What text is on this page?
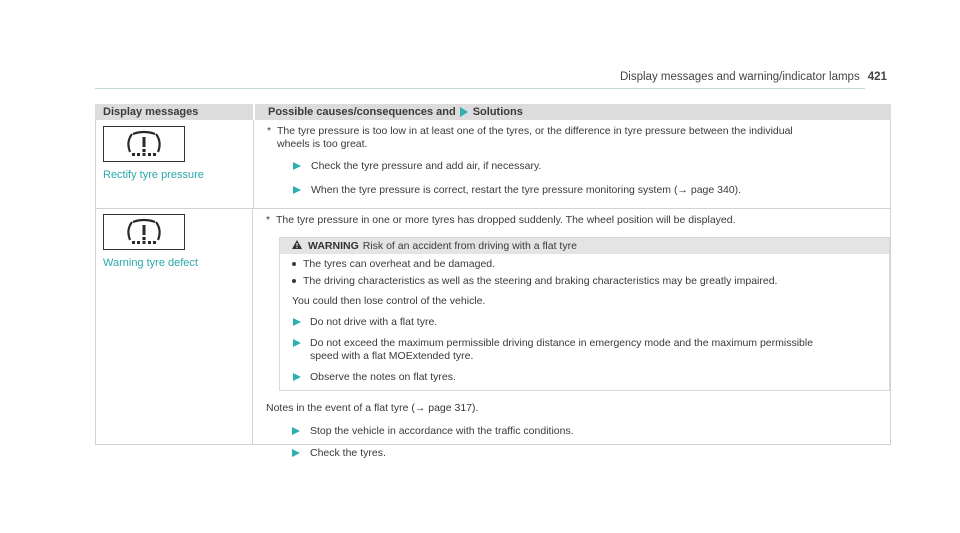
Display messages and warning/indicator lamps 421
Display messages	Possible causes/consequences and Solutions
Rectify tyre pressure
* The tyre pressure is too low in at least one of the tyres, or the difference in tyre pressure between the individual
wheels is too great.
Check the tyre pressure and add air, if necessary.
When the tyre pressure is correct, restart the tyre pressure monitoring system (→ page 340).
Warning tyre defect
* The tyre pressure in one or more tyres has dropped suddenly. The wheel position will be displayed.
WARNING Risk of an accident from driving with a flat tyre
The tyres can overheat and be damaged.
The driving characteristics as well as the steering and braking characteristics may be greatly impaired.
You could then lose control of the vehicle.
Do not drive with a flat tyre.
Do not exceed the maximum permissible driving distance in emergency mode and the maximum permissible
speed with a flat MOExtended tyre.
Observe the notes on flat tyres.
Notes in the event of a flat tyre (→ page 317).
Stop the vehicle in accordance with the traffic conditions.
Check the tyres.
